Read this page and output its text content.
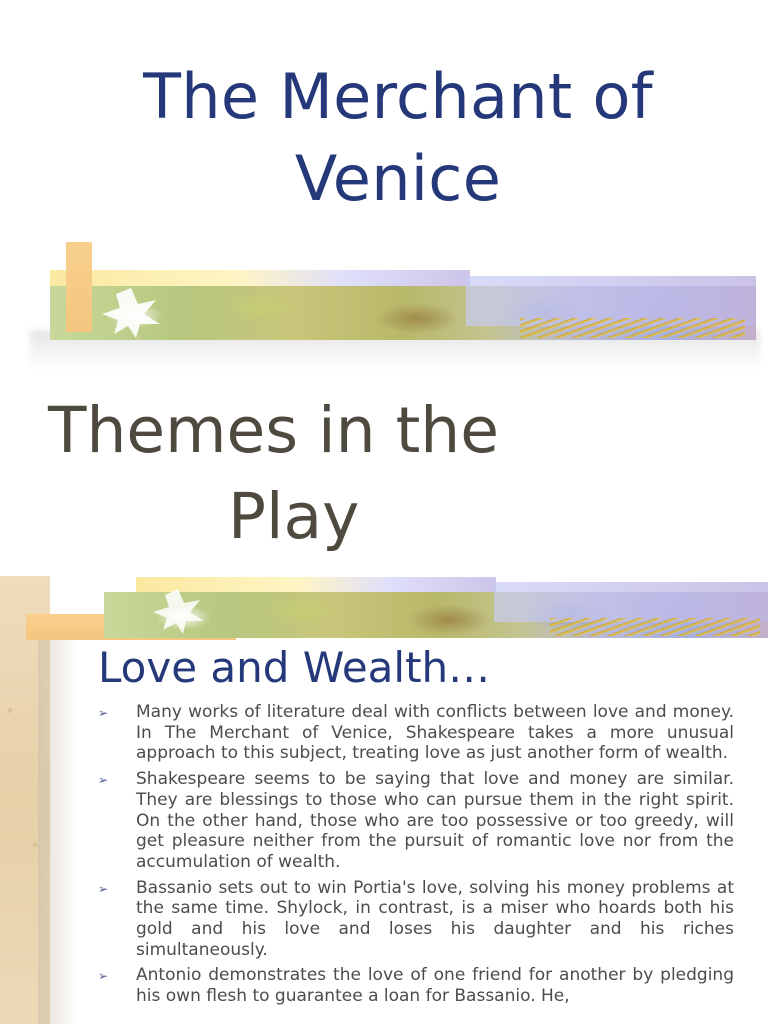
The Merchant of
Venice
Themes in the
Play
Love and Wealth…
➢ Many works of literature deal with conflicts between love and money. In The Merchant of Venice, Shakespeare takes a more unusual approach to this subject, treating love as just another form of wealth.
➢ Shakespeare seems to be saying that love and money are similar. They are blessings to those who can pursue them in the right spirit. On the other hand, those who are too possessive or too greedy, will get pleasure neither from the pursuit of romantic love nor from the accumulation of wealth.
➢ Bassanio sets out to win Portia's love, solving his money problems at the same time. Shylock, in contrast, is a miser who hoards both his gold and his love and loses his daughter and his riches simultaneously.
➢ Antonio demonstrates the love of one friend for another by pledging his own flesh to guarantee a loan for Bassanio. He,
